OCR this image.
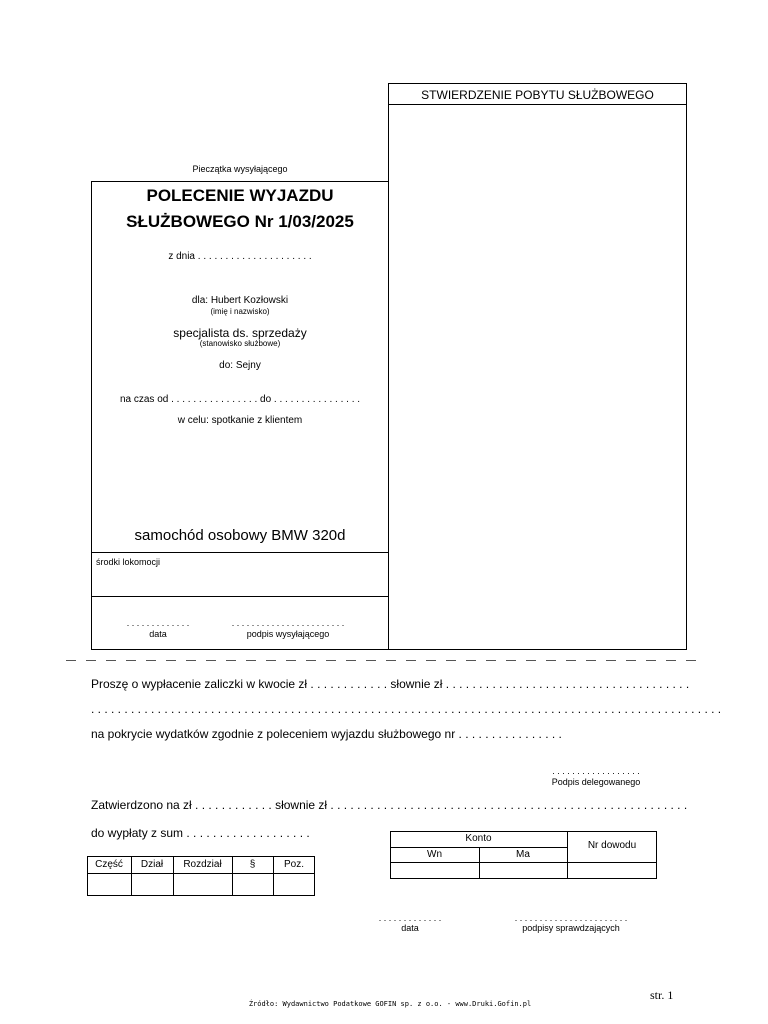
STWIERDZENIE POBYTU SŁUŻBOWEGO
Pieczątka wysyłającego
POLECENIE WYJAZDU
SŁUŻBOWEGO Nr 1/03/2025
z dnia . . . . . . . . . . . . . . . . . . . . .
dla: Hubert Kozłowski
(imię i nazwisko)
specjalista ds. sprzedaży
(stanowisko służbowe)
do: Sejny
na czas od . . . . . . . . . . . . . . . . do . . . . . . . . . . . . . . . .
w celu: spotkanie z klientem
samochód osobowy BMW 320d
środki lokomocji
. . . . . . . . . . . . .
data
. . . . . . . . . . . . . . . . . . . . . . .
podpis wysyłającego
Proszę o wypłacenie zaliczki w kwocie zł . . . . . . . . . . . . słownie zł . . . . . . . . . . . . . . . . . . . . . . . . . . . . . . . . . . . . .
. . . . . . . . . . . . . . . . . . . . . . . . . . . . . . . . . . . . . . . . . . . . . . . . . . . . . . . . . . . . . . . . . . . . . . . . . . . . . . . . . . . . . . . . . . . . . . .
na pokrycie wydatków zgodnie z poleceniem wyjazdu służbowego nr . . . . . . . . . . . . . . . .
. . . . . . . . . . . . . . . . . .
Podpis delegowanego
Zatwierdzono na zł . . . . . . . . . . . . słownie zł . . . . . . . . . . . . . . . . . . . . . . . . . . . . . . . . . . . . . . . . . . . . . . . . . . . . . .
do wypłaty z sum . . . . . . . . . . . . . . . . . . .
Część	Dział	Rozdział	§	Poz.
Konto
Wn	Ma
Nr dowodu
. . . . . . . . . . . . .
data
. . . . . . . . . . . . . . . . . . . . . . .
podpisy sprawdzających
str. 1
Źródło: Wydawnictwo Podatkowe GOFIN sp. z o.o. - www.Druki.Gofin.pl
